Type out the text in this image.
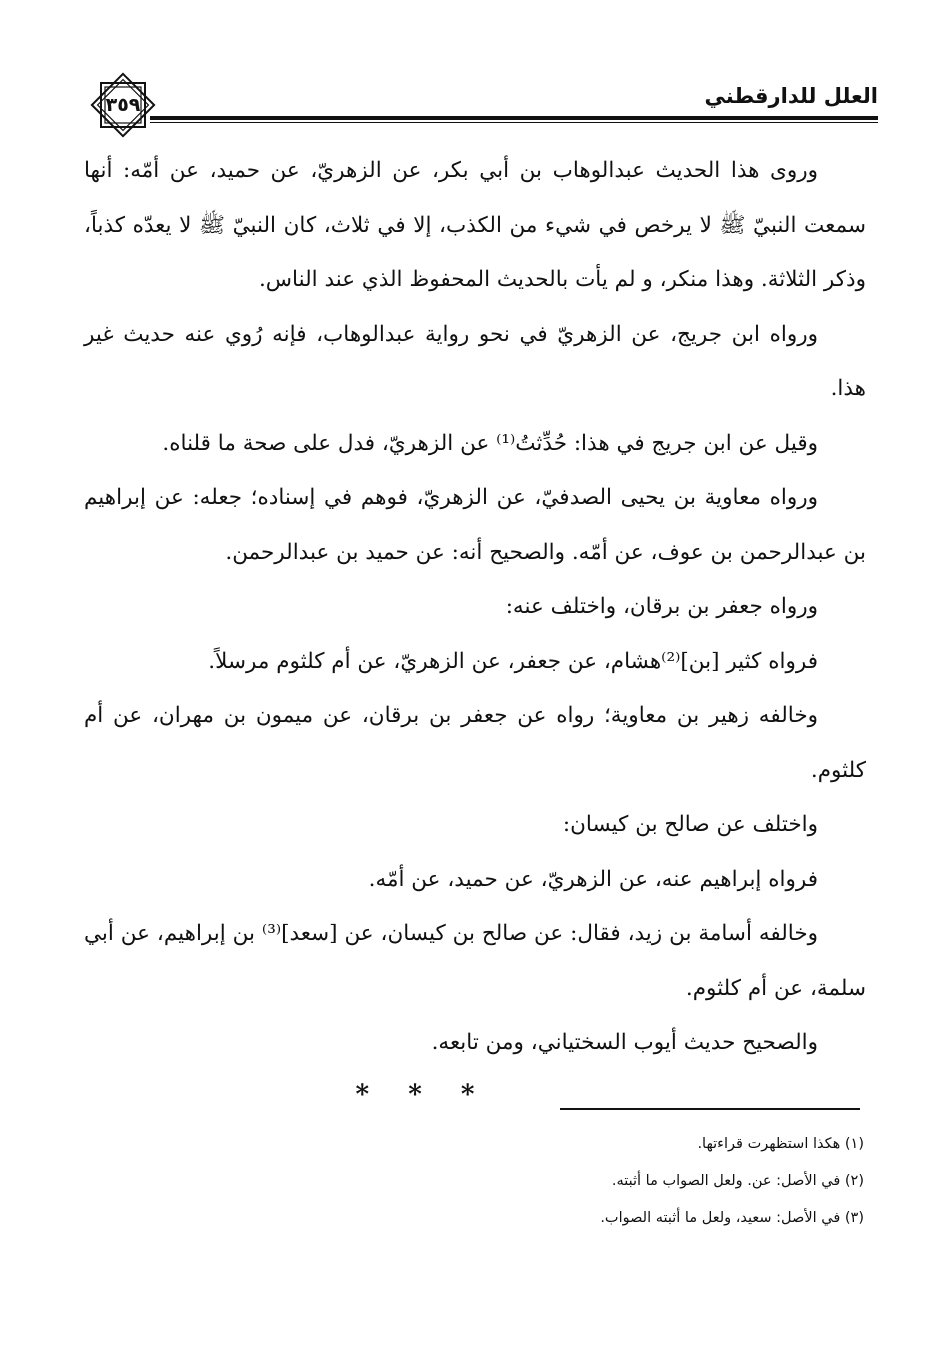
العلل للدارقطني
٣٥٩

وروى هذا الحديث عبدالوهاب بن أبي بكر، عن الزهريّ، عن حميد، عن أمّه: أنها سمعت النبيّ ﷺ لا يرخص في شيء من الكذب، إلا في ثلاث، كان النبيّ ﷺ لا يعدّه كذباً، وذكر الثلاثة. وهذا منكر، و لم يأت بالحديث المحفوظ الذي عند الناس.

ورواه ابن جريج، عن الزهريّ في نحو رواية عبدالوهاب، فإنه رُوي عنه حديث غير هذا.

وقيل عن ابن جريج في هذا: حُدِّثتُ⁽¹⁾ عن الزهريّ، فدل على صحة ما قلناه.

ورواه معاوية بن يحيى الصدفيّ، عن الزهريّ، فوهم في إسناده؛ جعله: عن إبراهيم بن عبدالرحمن بن عوف، عن أمّه. والصحيح أنه: عن حميد بن عبدالرحمن.

ورواه جعفر بن برقان، واختلف عنه:

فرواه كثير [بن]⁽²⁾هشام، عن جعفر، عن الزهريّ، عن أم كلثوم مرسلاً.

وخالفه زهير بن معاوية؛ رواه عن جعفر بن برقان، عن ميمون بن مهران، عن أم كلثوم.

واختلف عن صالح بن كيسان:

فرواه إبراهيم عنه، عن الزهريّ، عن حميد، عن أمّه.

وخالفه أسامة بن زيد، فقال: عن صالح بن كيسان، عن [سعد]⁽³⁾ بن إبراهيم، عن أبي سلمة، عن أم كلثوم.

والصحيح حديث أيوب السختياني، ومن تابعه.

* * *

(١) هكذا استظهرت قراءتها.

(٢) في الأصل: عن. ولعل الصواب ما أثبته.

(٣) في الأصل: سعيد، ولعل ما أثبته الصواب.
